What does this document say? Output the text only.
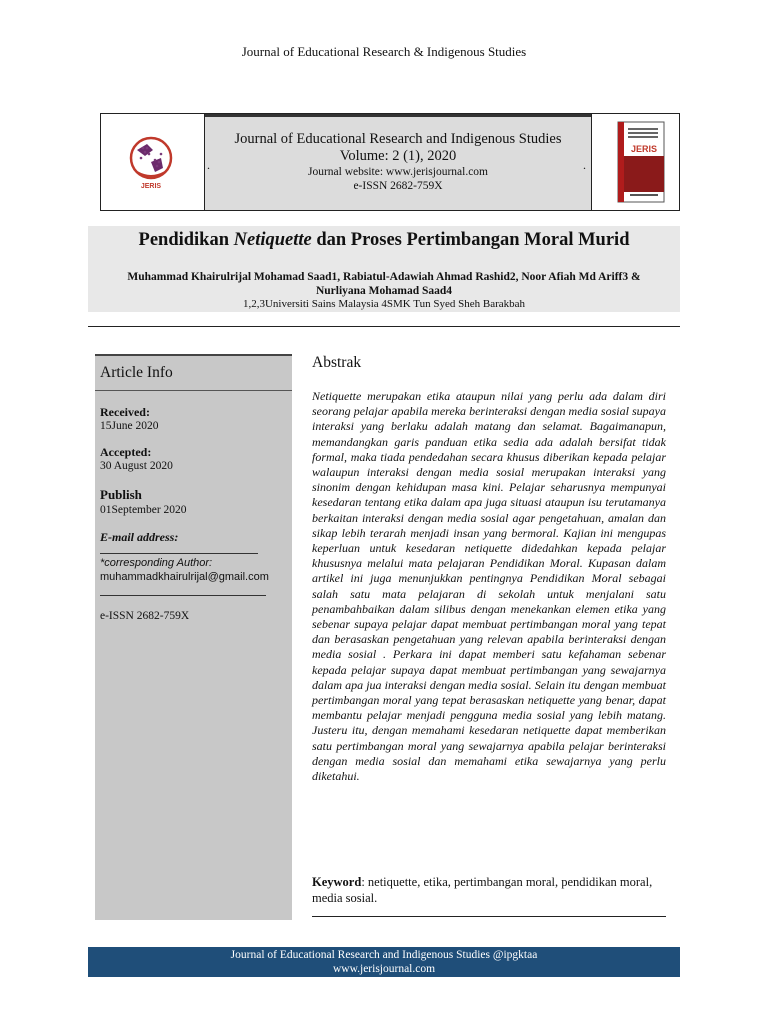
Journal of Educational Research & Indigenous Studies
JERIS
Journal of Educational Research and Indigenous Studies
Volume: 2 (1), 2020
Journal website: www.jerisjournal.com
e-ISSN 2682-759X
.	.
JERIS
Pendidikan Netiquette dan Proses Pertimbangan Moral Murid
Muhammad Khairulrijal Mohamad Saad1, Rabiatul-Adawiah Ahmad Rashid2, Noor Afiah Md Ariff3 &
Nurliyana Mohamad Saad4
1,2,3Universiti Sains Malaysia 4SMK Tun Syed Sheh Barakbah
Article Info
Received:
15June 2020
Accepted:
30 August 2020
Publish
01September 2020
E-mail address:
*corresponding Author:
muhammadkhairulrijal@gmail.com
e-ISSN 2682-759X
Abstrak
Netiquette merupakan etika ataupun nilai yang perlu ada dalam diri seorang pelajar apabila mereka berinteraksi dengan media sosial supaya interaksi yang berlaku adalah matang dan selamat. Bagaimanapun, memandangkan garis panduan etika sedia ada adalah bersifat tidak formal, maka tiada pendedahan secara khusus diberikan kepada pelajar walaupun interaksi dengan media sosial merupakan interaksi yang sinonim dengan kehidupan masa kini. Pelajar seharusnya mempunyai kesedaran tentang etika dalam apa juga situasi ataupun isu terutamanya berkaitan interaksi dengan media sosial agar pengetahuan, amalan dan sikap lebih terarah menjadi insan yang bermoral. Kajian ini mengupas keperluan untuk kesedaran netiquette didedahkan kepada pelajar khususnya melalui mata pelajaran Pendidikan Moral. Kupasan dalam artikel ini juga menunjukkan pentingnya Pendidikan Moral sebagai salah satu mata pelajaran di sekolah untuk menjalani satu penambahbaikan dalam silibus dengan menekankan elemen etika yang sebenar supaya pelajar dapat membuat pertimbangan moral yang tepat dan berasaskan pengetahuan yang relevan apabila berinteraksi dengan media sosial . Perkara ini dapat memberi satu kefahaman sebenar kepada pelajar supaya dapat membuat pertimbangan yang sewajarnya dalam apa jua interaksi dengan media sosial. Selain itu dengan membuat pertimbangan moral yang tepat berasaskan netiquette yang benar, dapat membantu pelajar menjadi pengguna media sosial yang lebih matang. Justeru itu, dengan memahami kesedaran netiquette dapat memberikan satu pertimbangan moral yang sewajarnya apabila pelajar berinteraksi dengan media sosial dan memahami etika sewajarnya yang perlu diketahui.
Keyword: netiquette, etika, pertimbangan moral, pendidikan moral, media sosial.
Journal of Educational Research and Indigenous Studies @ipgktaa
www.jerisjournal.com
